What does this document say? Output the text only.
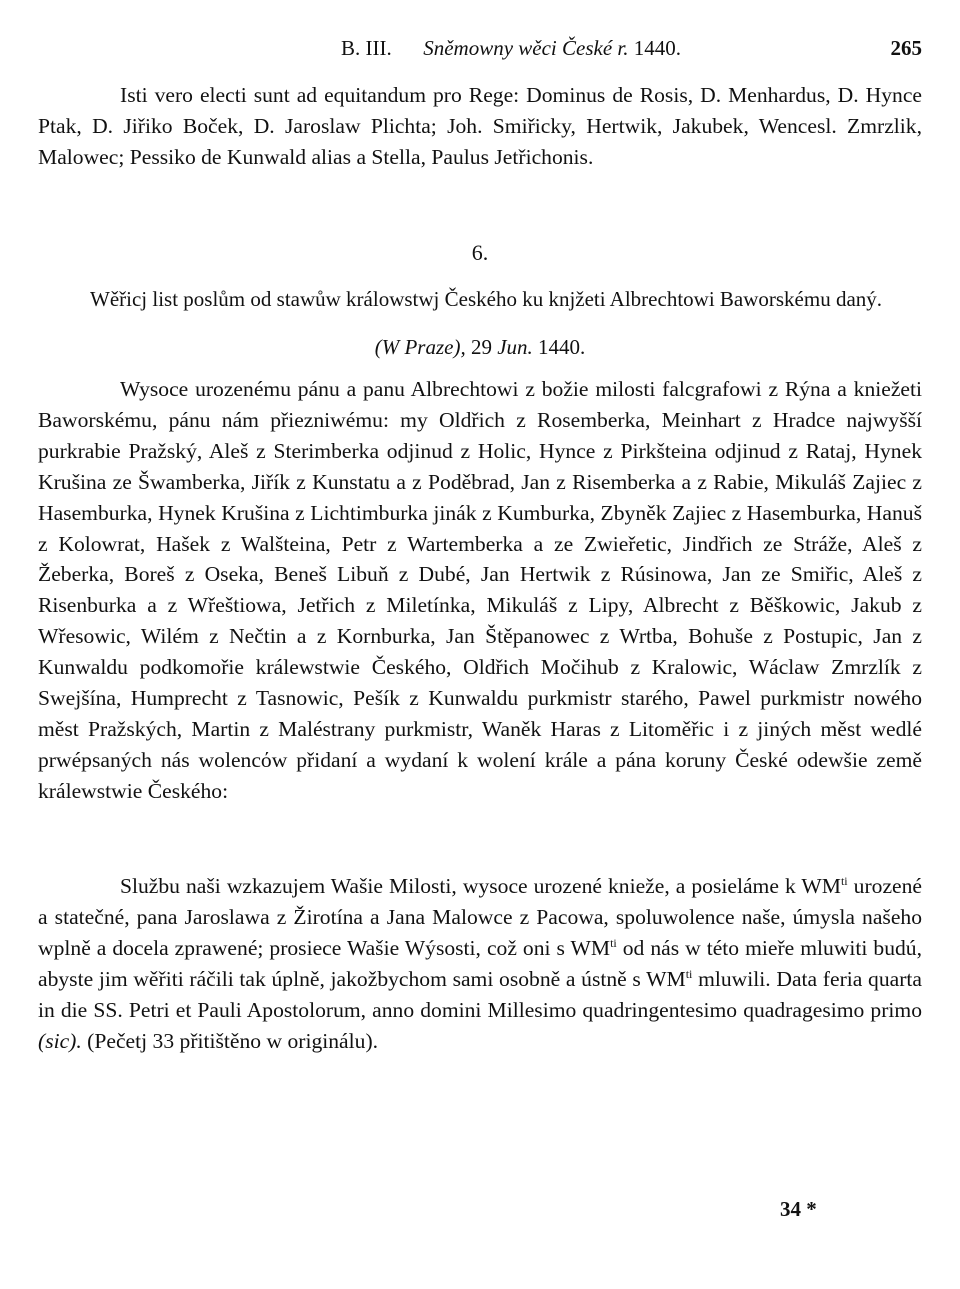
B. III. Sněmowny wěci České r. 1440.	265

Isti vero electi sunt ad equitandum pro Rege: Dominus de Rosis, D. Menhardus, D. Hynce Ptak, D. Jiřiko Boček, D. Jaroslaw Plichta; Joh. Smiřicky, Hertwik, Jakubek, Wencesl. Zmrzlik, Malowec; Pessiko de Kunwald alias a Stella, Paulus Jetřichonis.

6.

Wěřicj list poslům od stawůw králowstwj Českého ku knjžeti Albrechtowi Baworskému daný.

(W Praze), 29 Jun. 1440.

Wysoce urozenému pánu a panu Albrechtowi z božie milosti falcgrafowi z Rýna a kniežeti Baworskému, pánu nám přiezniwému: my Oldřich z Rosemberka, Meinhart z Hradce najwyšší purkrabie Pražský, Aleš z Sterimberka odjinud z Holic, Hynce z Pirkšteina odjinud z Rataj, Hynek Krušina ze Šwamberka, Jiřík z Kunstatu a z Poděbrad, Jan z Risemberka a z Rabie, Mikuláš Zajiec z Hasemburka, Hynek Krušina z Lichtimburka jinák z Kumburka, Zbyněk Zajiec z Hasemburka, Hanuš z Kolowrat, Hašek z Walšteina, Petr z Wartemberka a ze Zwieřetic, Jindřich ze Stráže, Aleš z Žeberka, Boreš z Oseka, Beneš Libuň z Dubé, Jan Hertwik z Rúsinowa, Jan ze Smiřic, Aleš z Risenburka a z Wřeštiowa, Jetřich z Miletínka, Mikuláš z Lipy, Albrecht z Běškowic, Jakub z Wřesowic, Wilém z Nečtin a z Kornburka, Jan Štěpanowec z Wrtba, Bohuše z Postupic, Jan z Kunwaldu podkomořie králewstwie Českého, Oldřich Močihub z Kralowic, Wáclaw Zmrzlík z Swejšína, Humprecht z Tasnowic, Pešík z Kunwaldu purkmistr starého, Pawel purkmistr nowého měst Pražských, Martin z Maléstrany purkmistr, Waněk Haras z Litoměřic i z jiných měst wedlé prwépsaných nás wolencόw přidaní a wydaní k wolení krále a pána koruny České odewšie země králewstwie Českého:

Službu naši wzkazujem Wašie Milosti, wysoce urozené knieže, a posieláme k $WM^{ti}$ urozené a statečné, pana Jaroslawa z Žirotína a Jana Malowce z Pacowa, spoluwolence naše, úmysla našeho wplně a docela zprawené; prosiece Wašie Wýsosti, což oni s $WM^{ti}$ od nás w této mieře mluwiti budú, abyste jim wěřiti ráčili tak úplně, jakožbychom sami osobně a ústně s $WM^{ti}$ mluwili. Data feria quarta in die SS. Petri et Pauli Apostolorum, anno domini Millesimo quadringentesimo quadragesimo primo (sic). (Pečetj 33 přitištěno w originálu).

34 *
